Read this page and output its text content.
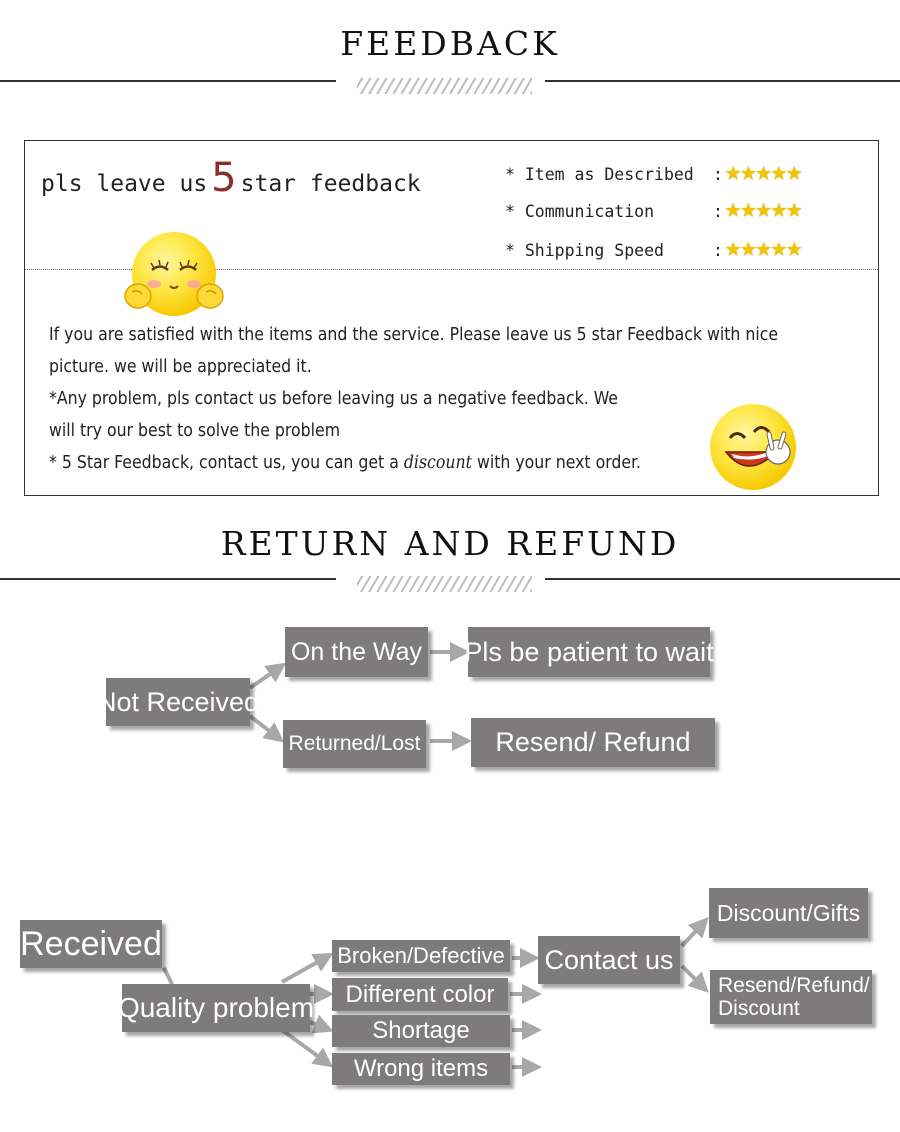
FEEDBACK
pls leave us 5 star feedback	* Item as Described : ★★★★★
* Communication	: ★★★★★
* Shipping Speed	: ★★★★★

If you are satisfied with the items and the service. Please leave us 5 star Feedback with nice

picture. we will be appreciated it.

*Any problem, pls contact us before leaving us a negative feedback. We

will try our best to solve the problem

* 5 Star Feedback, contact us, you can get a discount with your next order.

RETURN AND REFUND
Not Received
On the Way Pls be patient to wait
Returned/Lost	Resend/ Refund
Received
Quality problem
Broken/Defective
Different color
Shortage
Wrong items
Contact us
Discount/Gifts
Resend/Refund/
Discount
